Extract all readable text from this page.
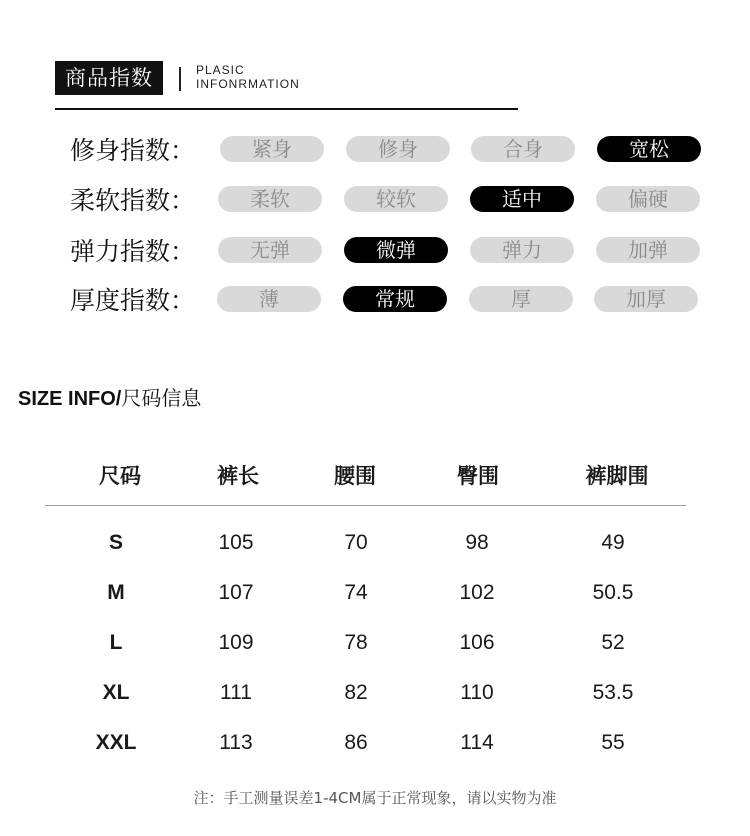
商品指数	PLASIC
INFONRMATION
修身指数：	紧身	修身	合身	宽松
柔软指数：	柔软	较软	适中	偏硬
弹力指数：	无弹	微弹	弹力	加弹
厚度指数：	薄	常规	厚	加厚
SIZE INFO/尺码信息
尺码	裤长	腰围	臀围	裤脚围
S	105	70	98	49
M	107	74	102	50.5
L	109	78	106	52
XL	111	82	110	53.5
XXL	113	86	114	55
注：手工测量误差1-4CM属于正常现象，请以实物为准
